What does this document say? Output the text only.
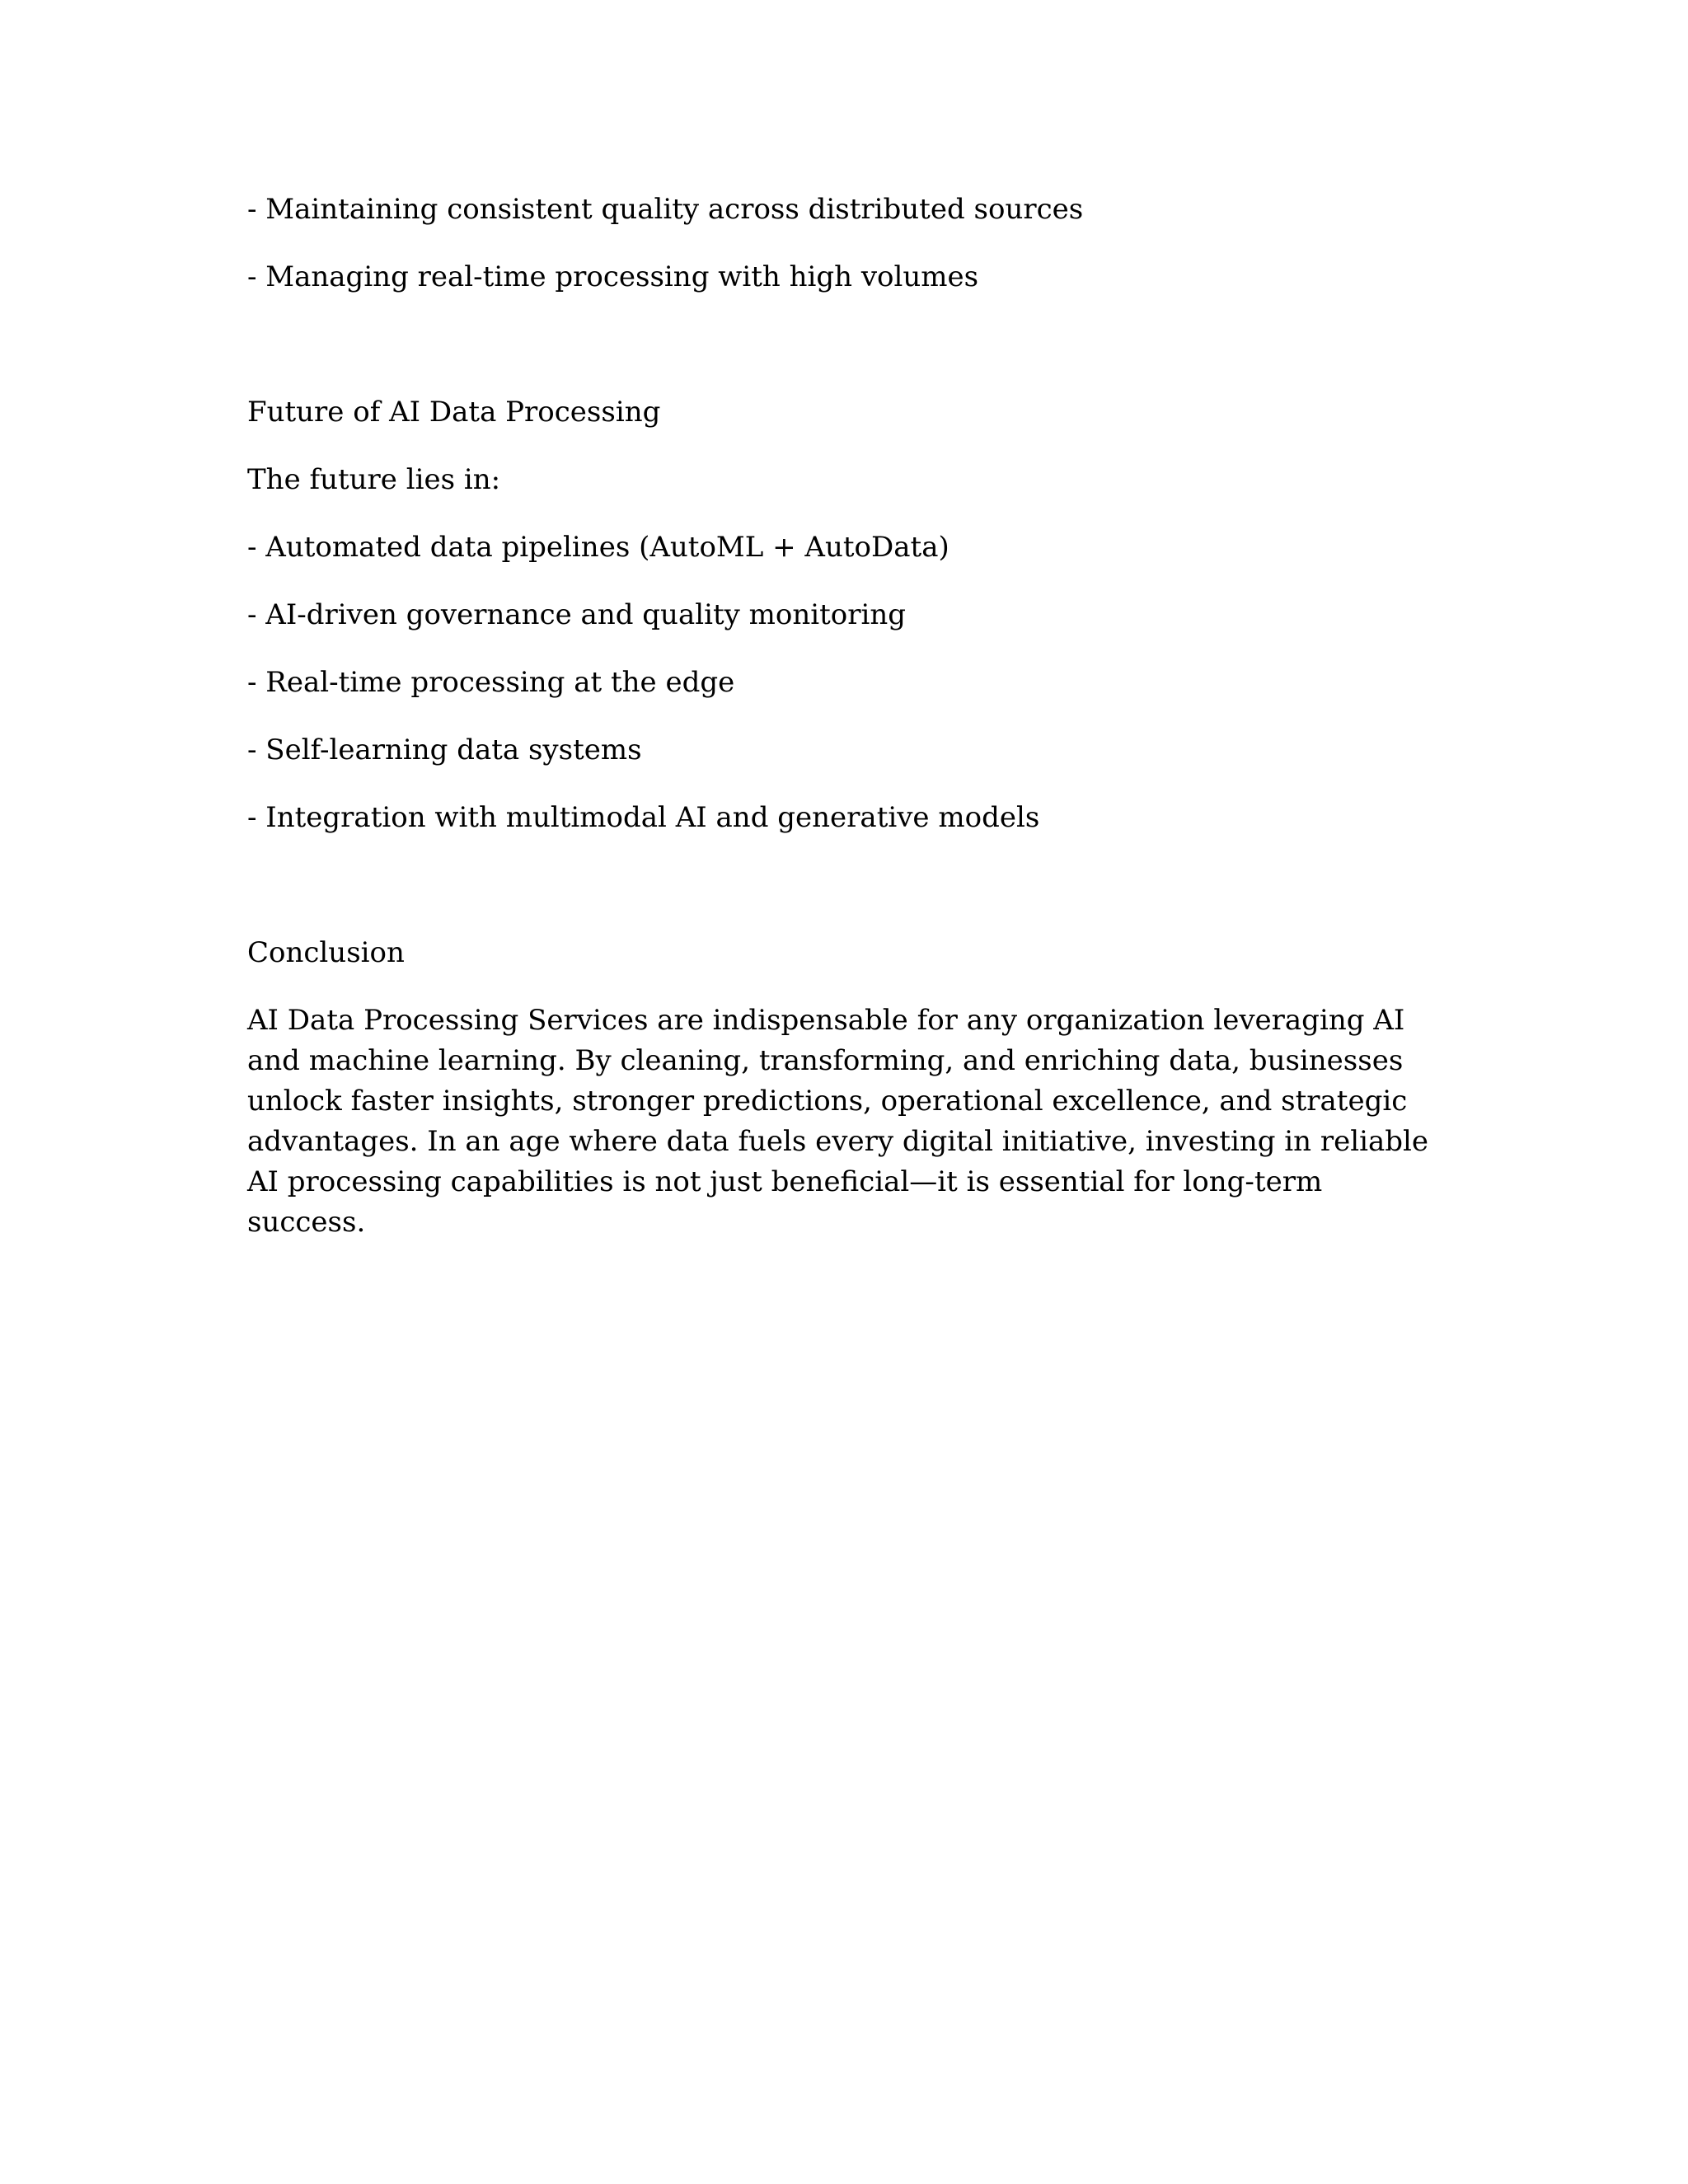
- Maintaining consistent quality across distributed sources
- Managing real-time processing with high volumes
Future of AI Data Processing
The future lies in:
- Automated data pipelines (AutoML + AutoData)
- AI-driven governance and quality monitoring
- Real-time processing at the edge
- Self-learning data systems
- Integration with multimodal AI and generative models
Conclusion

AI Data Processing Services are indispensable for any organization leveraging AI and machine learning. By cleaning, transforming, and enriching data, businesses unlock faster insights, stronger predictions, operational excellence, and strategic advantages. In an age where data fuels every digital initiative, investing in reliable AI processing capabilities is not just beneficial—it is essential for long-term success.
